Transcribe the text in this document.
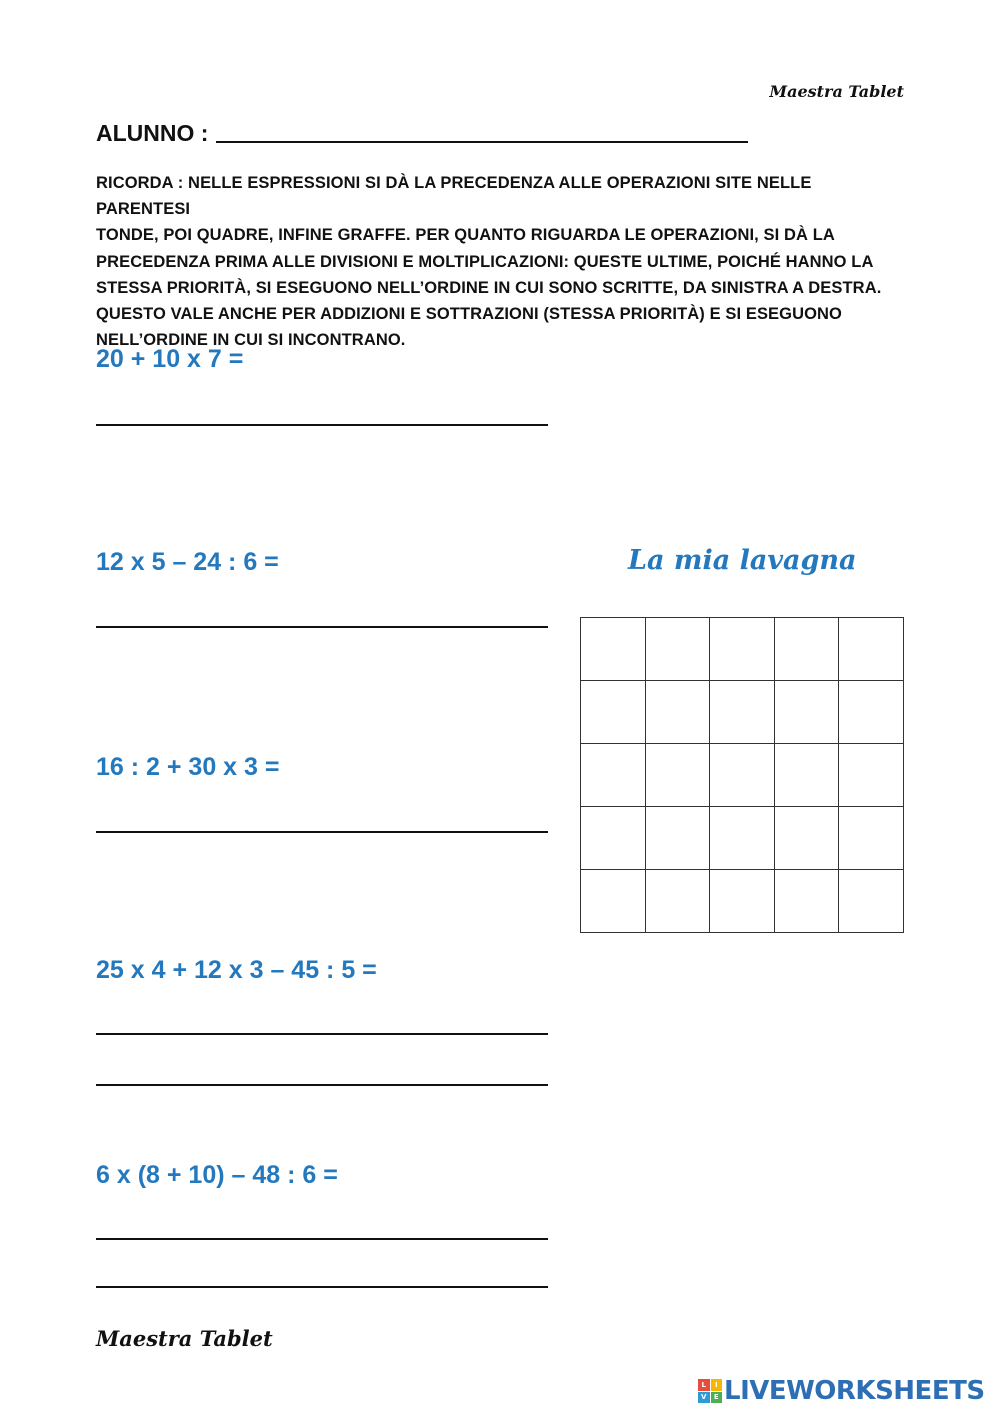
Maestra Tablet
ALUNNO :
RICORDA : NELLE ESPRESSIONI SI DÀ LA PRECEDENZA ALLE OPERAZIONI SITE NELLE PARENTESI
TONDE, POI QUADRE, INFINE GRAFFE. PER QUANTO RIGUARDA LE OPERAZIONI, SI DÀ LA
PRECEDENZA PRIMA ALLE DIVISIONI E MOLTIPLICAZIONI: QUESTE ULTIME, POICHÉ HANNO LA
STESSA PRIORITÀ, SI ESEGUONO NELL’ORDINE IN CUI SONO SCRITTE, DA SINISTRA A DESTRA.
QUESTO VALE ANCHE PER ADDIZIONI E SOTTRAZIONI (STESSA PRIORITÀ) E SI ESEGUONO
NELL’ORDINE IN CUI SI INCONTRANO.
20 + 10 x 7 =
12 x 5 – 24 : 6 =
16 : 2 + 30 x 3 =
25 x 4 + 12 x 3 – 45 : 5 =
6 x (8 + 10) – 48 : 6 =
La mia lavagna
Maestra Tablet
L	I
V	E LIVEWORKSHEETS
